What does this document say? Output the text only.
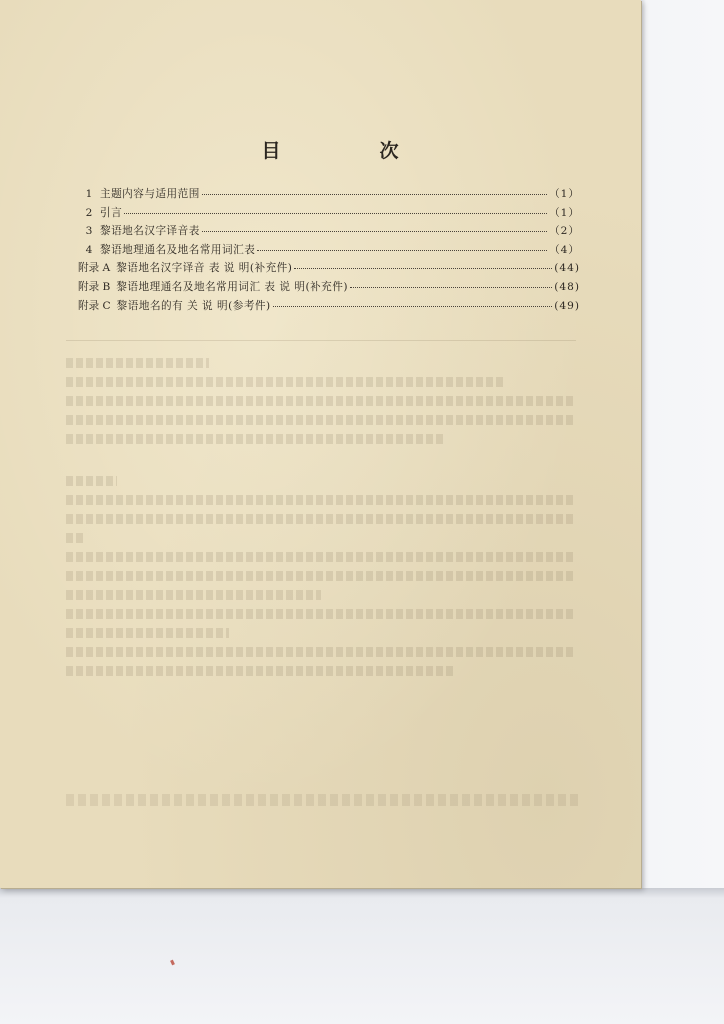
目　次
1 主题内容与适用范围	（1）
2 引言	（1）
3 黎语地名汉字译音表	（2）
4 黎语地理通名及地名常用词汇表	（4）
附录 A 黎语地名汉字译音 表 说 明(补充件)	(44)
附录 B 黎语地理通名及地名常用词汇 表 说 明(补充件)	(48)
附录 C 黎语地名的有 关 说 明(参考件)	(49)
